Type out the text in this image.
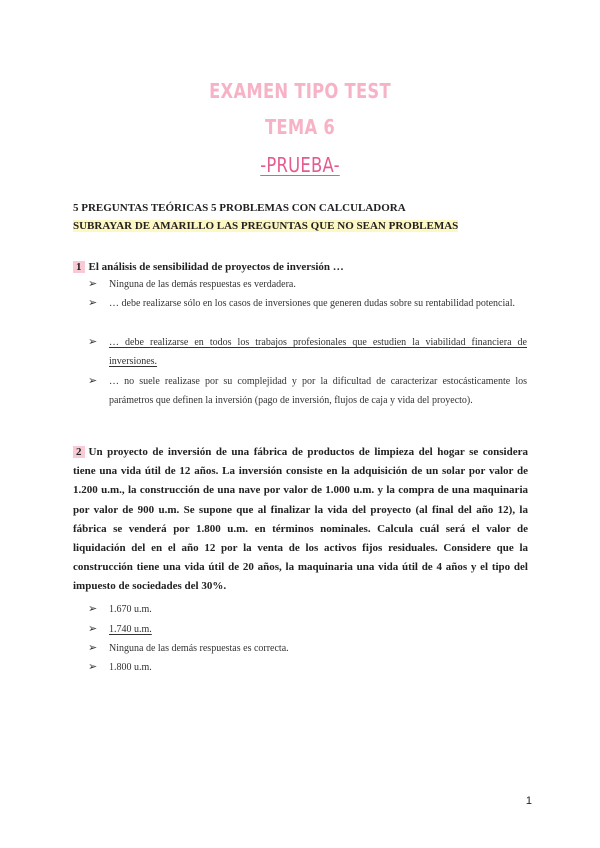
EXAMEN TIPO TEST
TEMA 6
-PRUEBA-
5 PREGUNTAS TEÓRICAS 5 PROBLEMAS CON CALCULADORA
SUBRAYAR DE AMARILLO LAS PREGUNTAS QUE NO SEAN PROBLEMAS
1 El análisis de sensibilidad de proyectos de inversión …
➢ Ninguna de las demás respuestas es verdadera.
➢ … debe realizarse sólo en los casos de inversiones que generen dudas sobre su rentabilidad potencial.
➢ … debe realizarse en todos los trabajos profesionales que estudien la viabilidad financiera de inversiones.
➢ … no suele realizase por su complejidad y por la dificultad de caracterizar estocásticamente los parámetros que definen la inversión (pago de inversión, flujos de caja y vida del proyecto).
2 Un proyecto de inversión de una fábrica de productos de limpieza del hogar se considera tiene una vida útil de 12 años. La inversión consiste en la adquisición de un solar por valor de 1.200 u.m., la construcción de una nave por valor de 1.000 u.m. y la compra de una maquinaria por valor de 900 u.m. Se supone que al finalizar la vida del proyecto (al final del año 12), la fábrica se venderá por 1.800 u.m. en términos nominales. Calcula cuál será el valor de liquidación del en el año 12 por la venta de los activos fijos residuales. Considere que la construcción tiene una vida útil de 20 años, la maquinaria una vida útil de 4 años y el tipo del impuesto de sociedades del 30%.
➢ 1.670 u.m.
➢ 1.740 u.m.
➢ Ninguna de las demás respuestas es correcta.
➢ 1.800 u.m.
1
